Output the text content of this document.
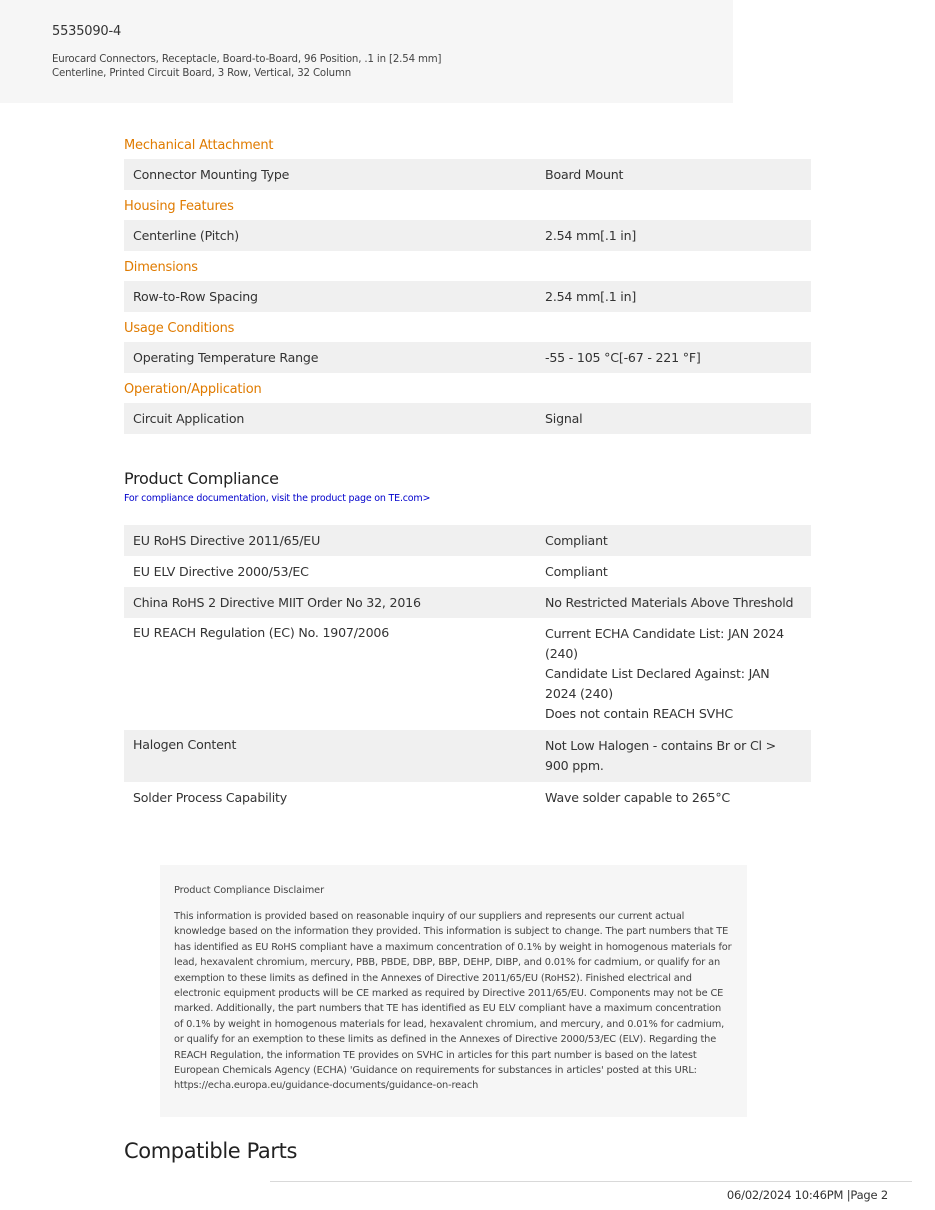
5535090-4
Eurocard Connectors, Receptacle, Board-to-Board, 96 Position, .1 in [2.54 mm]
Centerline, Printed Circuit Board, 3 Row, Vertical, 32 Column
Mechanical Attachment
Connector Mounting Type	Board Mount
Housing Features
Centerline (Pitch)	2.54 mm[.1 in]
Dimensions
Row-to-Row Spacing	2.54 mm[.1 in]
Usage Conditions
Operating Temperature Range	-55 - 105 °C[-67 - 221 °F]
Operation/Application
Circuit Application	Signal
Product Compliance
For compliance documentation, visit the product page on TE.com>
EU RoHS Directive 2011/65/EU	Compliant
EU ELV Directive 2000/53/EC	Compliant
China RoHS 2 Directive MIIT Order No 32, 2016	No Restricted Materials Above Threshold
EU REACH Regulation (EC) No. 1907/2006	Current ECHA Candidate List: JAN 2024 (240)
Candidate List Declared Against: JAN 2024 (240)
Does not contain REACH SVHC
Halogen Content	Not Low Halogen - contains Br or Cl > 900 ppm.
Solder Process Capability	Wave solder capable to 265°C
Product Compliance Disclaimer
This information is provided based on reasonable inquiry of our suppliers and represents our current actual knowledge based on the information they provided. This information is subject to change. The part numbers that TE has identified as EU RoHS compliant have a maximum concentration of 0.1% by weight in homogenous materials for lead, hexavalent chromium, mercury, PBB, PBDE, DBP, BBP, DEHP, DIBP, and 0.01% for cadmium, or qualify for an exemption to these limits as defined in the Annexes of Directive 2011/65/EU (RoHS2). Finished electrical and electronic equipment products will be CE marked as required by Directive 2011/65/EU. Components may not be CE marked. Additionally, the part numbers that TE has identified as EU ELV compliant have a maximum concentration of 0.1% by weight in homogenous materials for lead, hexavalent chromium, and mercury, and 0.01% for cadmium, or qualify for an exemption to these limits as defined in the Annexes of Directive 2000/53/EC (ELV). Regarding the REACH Regulation, the information TE provides on SVHC in articles for this part number is based on the latest European Chemicals Agency (ECHA) 'Guidance on requirements for substances in articles' posted at this URL: https://echa.europa.eu/guidance-documents/guidance-on-reach
Compatible Parts
06/02/2024 10:46PM |Page 2
